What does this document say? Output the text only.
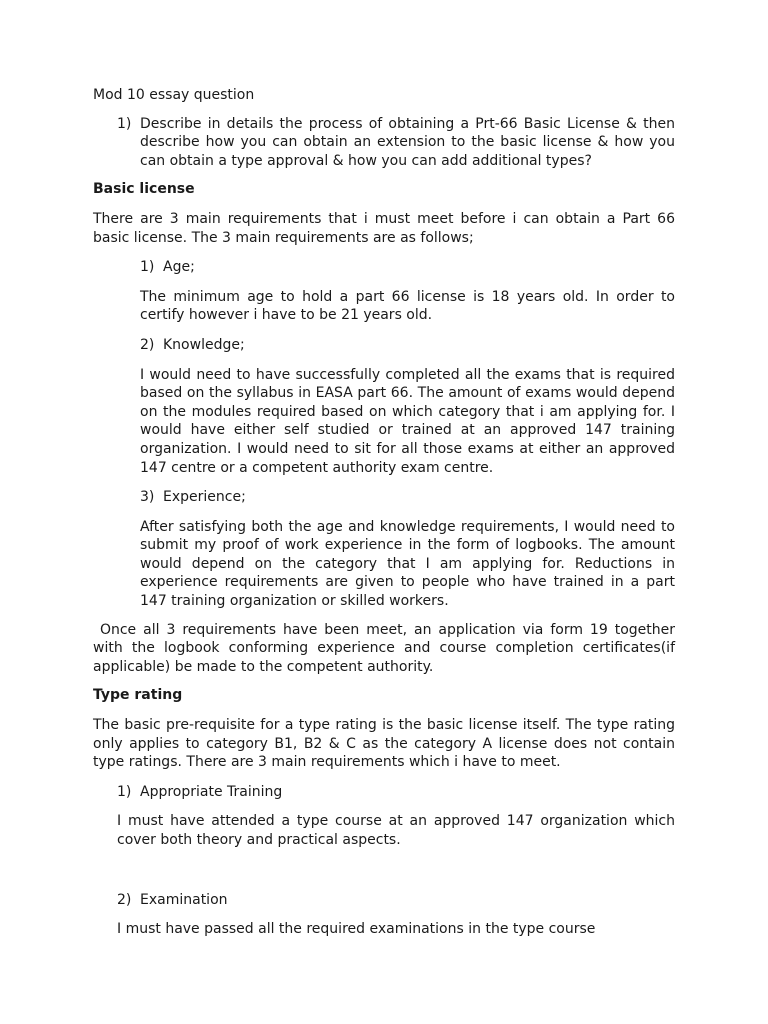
Mod 10 essay question

1) Describe in details the process of obtaining a Prt-66 Basic License & then describe how you can obtain an extension to the basic license & how you can obtain a type approval & how you can add additional types?

Basic license

There are 3 main requirements that i must meet before i can obtain a Part 66 basic license. The 3 main requirements are as follows;

1) Age;

The minimum age to hold a part 66 license is 18 years old. In order to certify however i have to be 21 years old.

2) Knowledge;

I would need to have successfully completed all the exams that is required based on the syllabus in EASA part 66. The amount of exams would depend on the modules required based on which category that i am applying for. I would have either self studied or trained at an approved 147 training organization. I would need to sit for all those exams at either an approved 147 centre or a competent authority exam centre.

3) Experience;

After satisfying both the age and knowledge requirements, I would need to submit my proof of work experience in the form of logbooks. The amount would depend on the category that I am applying for. Reductions in experience requirements are given to people who have trained in a part 147 training organization or skilled workers.

Once all 3 requirements have been meet, an application via form 19 together with the logbook conforming experience and course completion certificates(if applicable) be made to the competent authority.

Type rating

The basic pre-requisite for a type rating is the basic license itself. The type rating only applies to category B1, B2 & C as the category A license does not contain type ratings. There are 3 main requirements which i have to meet.

1) Appropriate Training

I must have attended a type course at an approved 147 organization which cover both theory and practical aspects.

2) Examination

I must have passed all the required examinations in the type course
